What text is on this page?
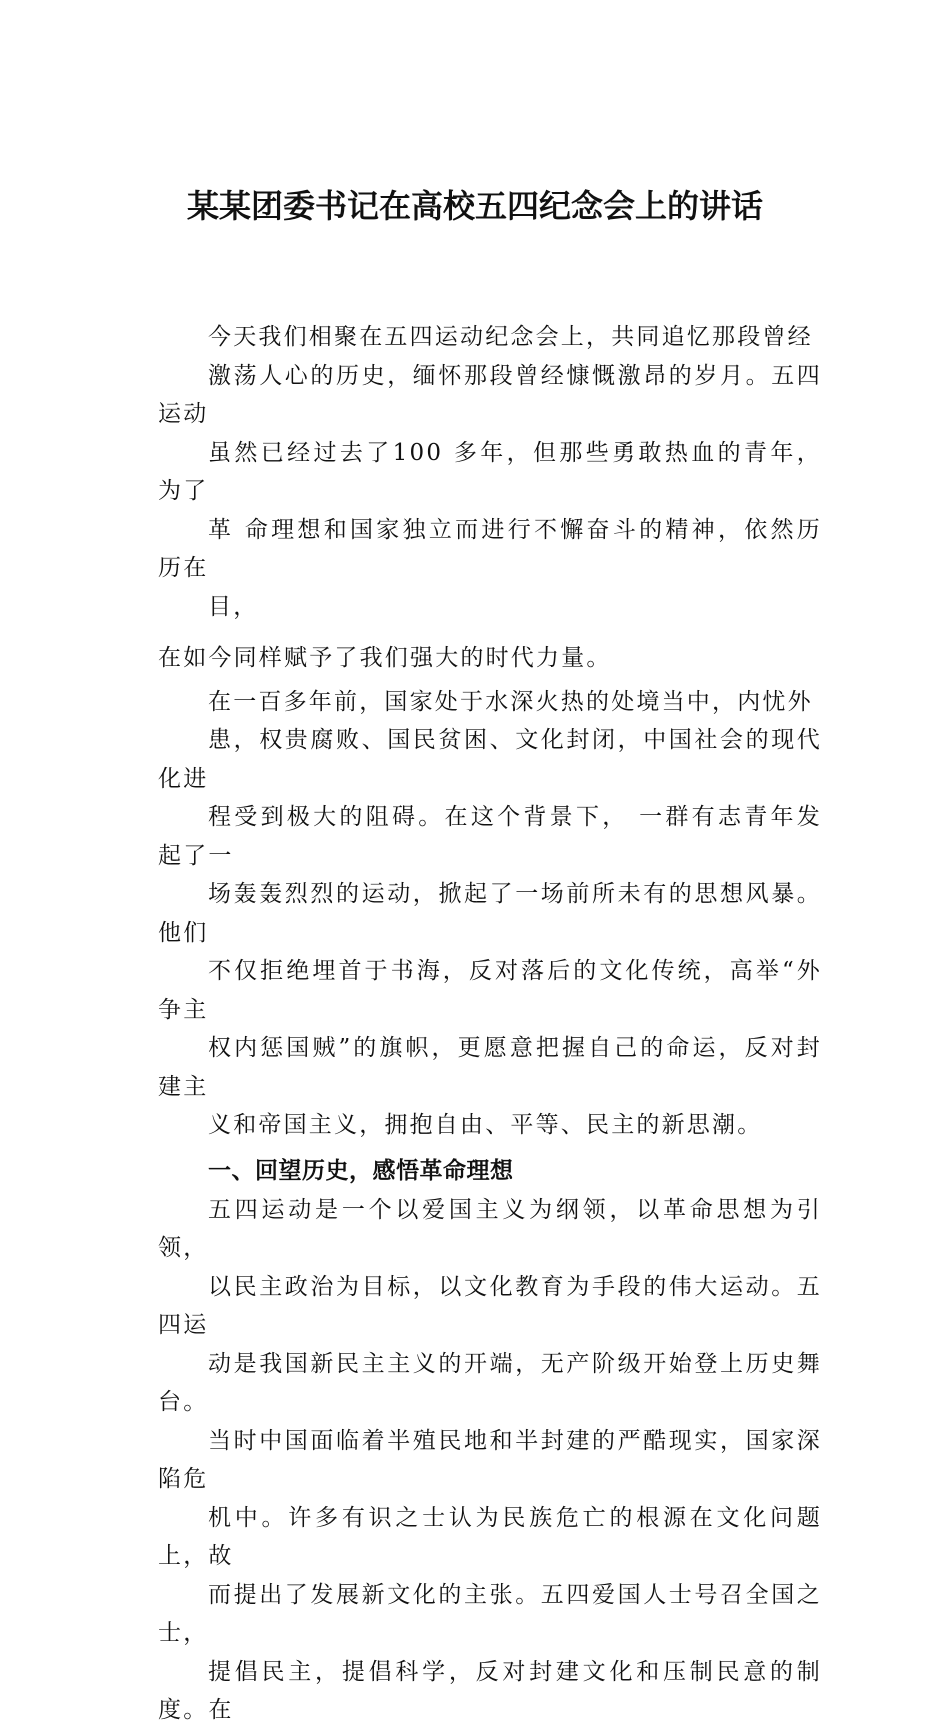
某某团委书记在高校五四纪念会上的讲话

今天我们相聚在五四运动纪念会上，共同追忆那段曾经
激荡人心的历史，缅怀那段曾经慷慨激昂的岁月。五四运动
虽然已经过去了100 多年，但那些勇敢热血的青年，为了
革 命理想和国家独立而进行不懈奋斗的精神，依然历历在
目，

在如今同样赋予了我们强大的时代力量。

在一百多年前，国家处于水深火热的处境当中，内忧外
患，权贵腐败、国民贫困、文化封闭，中国社会的现代化进
程受到极大的阻碍。在这个背景下， 一群有志青年发起了一
场轰轰烈烈的运动，掀起了一场前所未有的思想风暴。他们
不仅拒绝埋首于书海，反对落后的文化传统，高举“外争主
权内惩国贼”的旗帜，更愿意把握自己的命运，反对封建主
义和帝国主义，拥抱自由、平等、民主的新思潮。

一、回望历史，感悟革命理想

五四运动是一个以爱国主义为纲领，以革命思想为引领，
以民主政治为目标，以文化教育为手段的伟大运动。五四运
动是我国新民主主义的开端，无产阶级开始登上历史舞台。
当时中国面临着半殖民地和半封建的严酷现实，国家深陷危
机中。许多有识之士认为民族危亡的根源在文化问题上，故
而提出了发展新文化的主张。五四爱国人士号召全国之士，
提倡民主，提倡科学，反对封建文化和压制民意的制度。在
